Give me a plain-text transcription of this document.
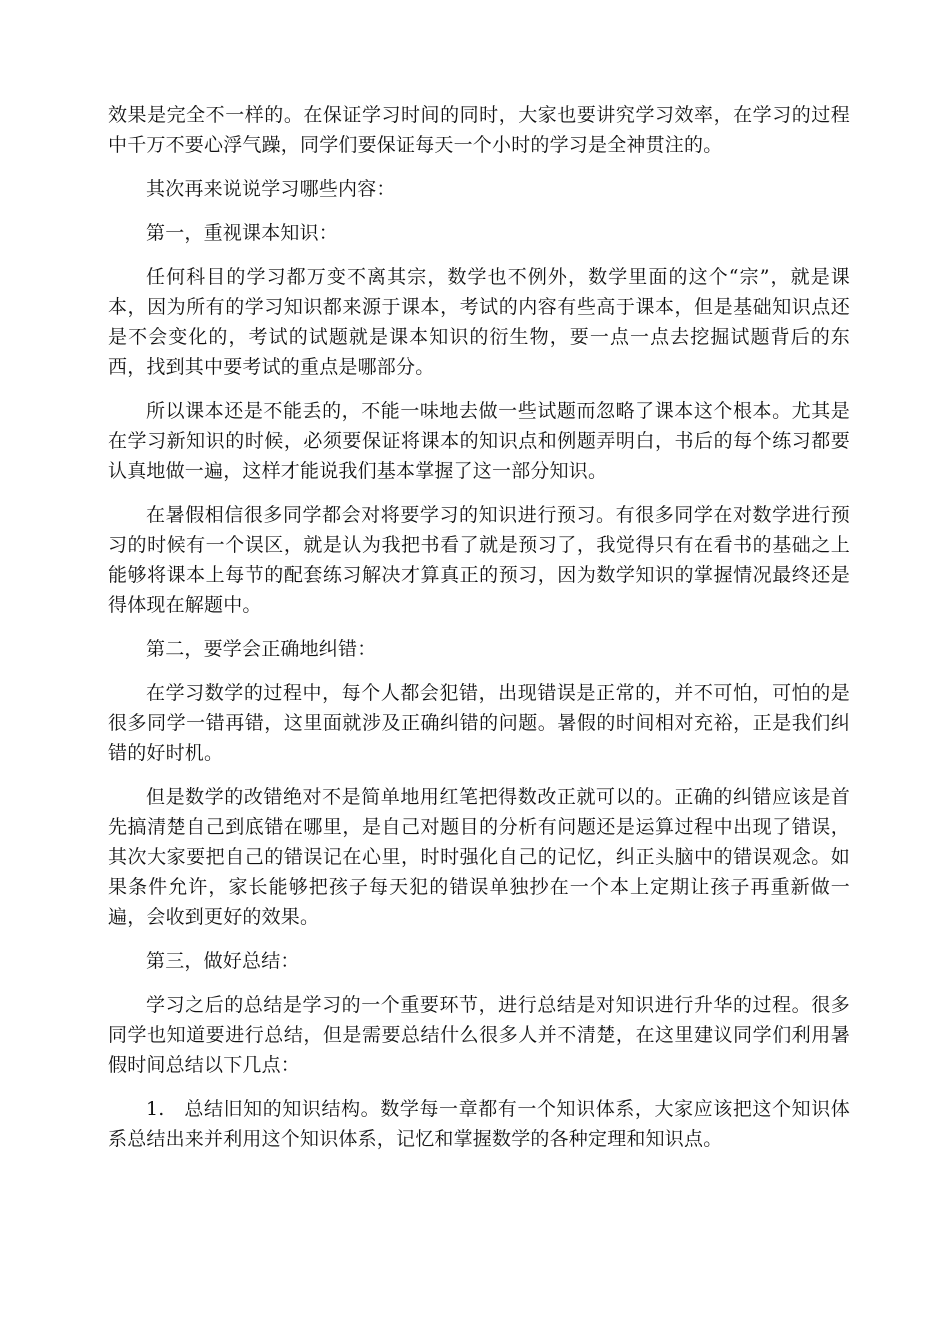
效果是完全不一样的。在保证学习时间的同时，大家也要讲究学习效率，在学习的过程中千万不要心浮气躁，同学们要保证每天一个小时的学习是全神贯注的。

其次再来说说学习哪些内容：

第一，重视课本知识：

任何科目的学习都万变不离其宗，数学也不例外，数学里面的这个“宗”，就是课本，因为所有的学习知识都来源于课本，考试的内容有些高于课本，但是基础知识点还是不会变化的，考试的试题就是课本知识的衍生物，要一点一点去挖掘试题背后的东西，找到其中要考试的重点是哪部分。

所以课本还是不能丢的，不能一味地去做一些试题而忽略了课本这个根本。尤其是在学习新知识的时候，必须要保证将课本的知识点和例题弄明白，书后的每个练习都要认真地做一遍，这样才能说我们基本掌握了这一部分知识。

在暑假相信很多同学都会对将要学习的知识进行预习。有很多同学在对数学进行预习的时候有一个误区，就是认为我把书看了就是预习了，我觉得只有在看书的基础之上能够将课本上每节的配套练习解决才算真正的预习，因为数学知识的掌握情况最终还是得体现在解题中。

第二，要学会正确地纠错：

在学习数学的过程中，每个人都会犯错，出现错误是正常的，并不可怕，可怕的是很多同学一错再错，这里面就涉及正确纠错的问题。暑假的时间相对充裕，正是我们纠错的好时机。

但是数学的改错绝对不是简单地用红笔把得数改正就可以的。正确的纠错应该是首先搞清楚自己到底错在哪里，是自己对题目的分析有问题还是运算过程中出现了错误，其次大家要把自己的错误记在心里，时时强化自己的记忆，纠正头脑中的错误观念。如果条件允许，家长能够把孩子每天犯的错误单独抄在一个本上定期让孩子再重新做一遍，会收到更好的效果。

第三，做好总结：

学习之后的总结是学习的一个重要环节，进行总结是对知识进行升华的过程。很多同学也知道要进行总结，但是需要总结什么很多人并不清楚，在这里建议同学们利用暑假时间总结以下几点：

1. 总结旧知的知识结构。数学每一章都有一个知识体系，大家应该把这个知识体系总结出来并利用这个知识体系，记忆和掌握数学的各种定理和知识点。
